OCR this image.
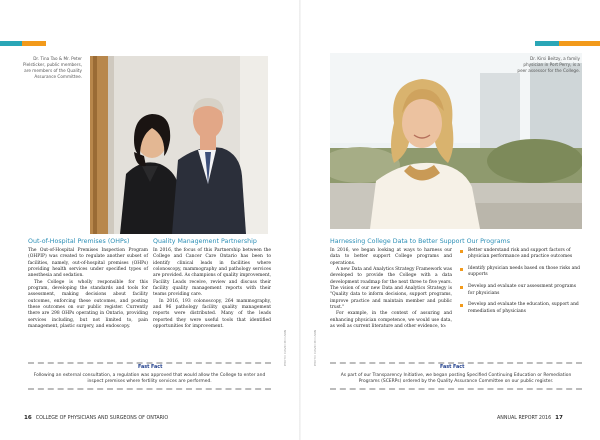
Dr. Tina Tao & Mr. Peter Pielsticker, public members, are members of the Quality Assurance Committee.
Out-of-Hospital Premises (OHPs)

The Out-of-Hospital Premises Inspection Program (OHPIP) was created to regulate another subset of facilities, namely, out-of-hospital premises (OHPs) providing health services under specified types of anesthesia and sedation.

The College is wholly responsible for this program, developing the standards and tools for assessment, making decisions about facility outcomes, enforcing these outcomes, and posting these outcomes on our public register. Currently there are 298 OHPs operating in Ontario, providing services including, but not limited to, pain management, plastic surgery, and endoscopy.

Quality Management Partnership

In 2016, the focus of this Partnership between the College and Cancer Care Ontario has been to identify clinical leads in facilities where colonoscopy, mammography and pathology services are provided. As champions of quality improvement, Facility Leads receive, review and discuss their facility quality management reports with their teams providing care.

In 2016, 193 colonoscopy, 264 mammography, and 96 pathology facility quality management reports were distributed. Many of the leads reported they were useful tools that identified opportunities for improvement.

Fast Fact
Following an external consultation, a regulation was approved that would allow the College to enter and inspect premises where fertility services are performed.
PHOTO: DAVID MCCANN
16 COLLEGE OF PHYSICIANS AND SURGEONS OF ONTARIO
Dr. Kirsi Beitzy, a family physician in Port Perry, is a peer assessor for the College.
Harnessing College Data to Better Support Our Programs

In 2016, we began looking at ways to harness our data to better support College programs and operations.

A new Data and Analytics Strategy Framework was developed to provide the College with a data development roadmap for the next three to five years. The vision of our new Data and Analytics Strategy is "Quality data to inform decisions, support programs, improve practice and maintain member and public trust."

For example, in the context of assuring and enhancing physician competence, we would use data, as well as current literature and other evidence, to:

Better understand risk and support factors of physician performance and practice outcomes
Identify physician needs based on those risks and supports
Develop and evaluate our assessment programs for physicians
Develop and evaluate the education, support and remediation of physicians
PHOTO: DAVID MCCANN
Fast Fact
As part of our Transparency Initiative, we began posting Specified Continuing Education or Remediation Programs (SCERPs) ordered by the Quality Assurance Committee on our public register.
ANNUAL REPORT 2016 17
